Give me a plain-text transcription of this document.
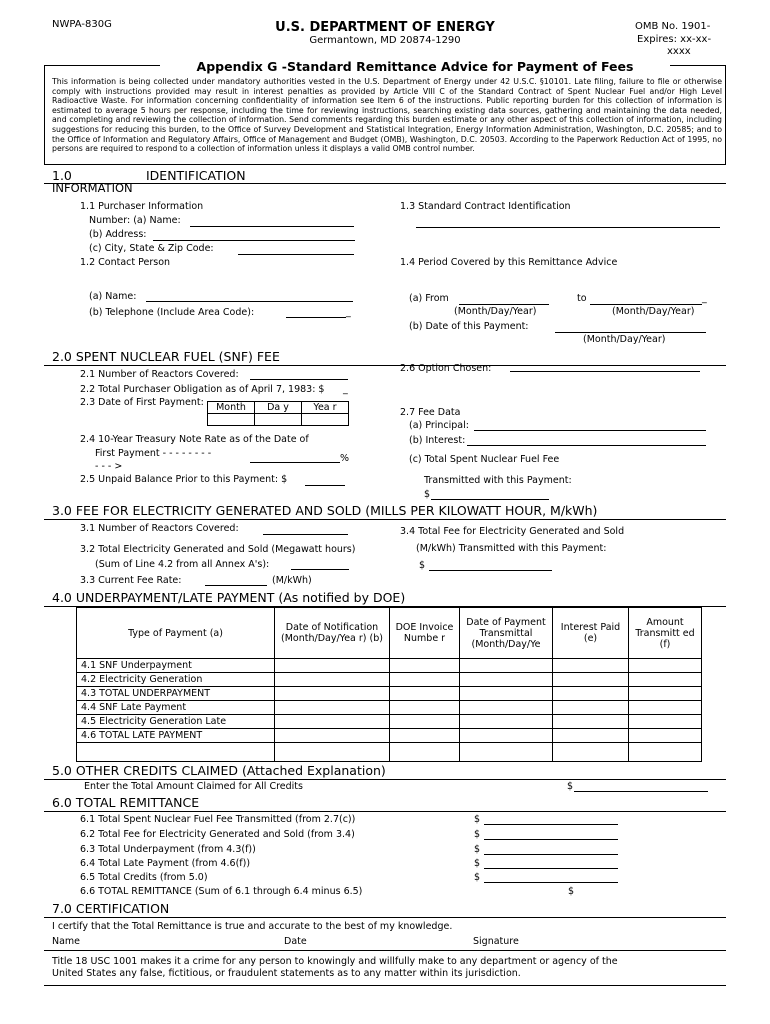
NWPA-830G	U.S. DEPARTMENT OF ENERGY
Germantown, MD 20874-1290
OMB No. 1901-
Expires: xx-xx-
xxxx
Appendix G -Standard Remittance Advice for Payment of Fees
This information is being collected under mandatory authorities vested in the U.S. Department of Energy under 42 U.S.C. §10101. Late filing, failure to file or otherwise comply with instructions provided may result in interest penalties as provided by Article VIII C of the Standard Contract of Spent Nuclear Fuel and/or High Level Radioactive Waste. For information concerning confidentiality of information see Item 6 of the instructions. Public reporting burden for this collection of information is estimated to average 5 hours per response, including the time for reviewing instructions, searching existing data sources, gathering and maintaining the data needed, and completing and reviewing the collection of information. Send comments regarding this burden estimate or any other aspect of this collection of information, including suggestions for reducing this burden, to the Office of Survey Development and Statistical Integration, Energy Information Administration, Washington, D.C. 20585; and to the Office of Information and Regulatory Affairs, Office of Management and Budget (OMB), Washington, D.C. 20503. According to the Paperwork Reduction Act of 1995, no persons are required to respond to a collection of information unless it displays a valid OMB control number.
1.0	IDENTIFICATION
INFORMATION
1.1 Purchaser Information
Number: (a) Name:
(b) Address:
(c) City, State & Zip Code:
1.2 Contact Person
(a) Name:
(b) Telephone (Include Area Code):	_
1.3 Standard Contract Identification
1.4 Period Covered by this Remittance Advice
(a) From	to	_
(Month/Day/Year)	(Month/Day/Year)
(b) Date of this Payment:
(Month/Day/Year)
2.0 SPENT NUCLEAR FUEL (SNF) FEE
2.1 Number of Reactors Covered:
2.2 Total Purchaser Obligation as of April 7, 1983: $ _
2.3 Date of First Payment: Month	Da y	Yea r

2.4 10-Year Treasury Note Rate as of the Date of
First Payment - - - - - - - -	%
- - - >
2.5 Unpaid Balance Prior to this Payment: $
2.6 Option Chosen:
2.7 Fee Data
(a) Principal:
(b) Interest:
(c) Total Spent Nuclear Fuel Fee
Transmitted with this Payment:
$
3.0 FEE FOR ELECTRICITY GENERATED AND SOLD (MILLS PER KILOWATT HOUR, M/kWh)
3.1 Number of Reactors Covered:
3.2 Total Electricity Generated and Sold (Megawatt hours)
(Sum of Line 4.2 from all Annex A's):
3.3 Current Fee Rate:	(M/kWh)
3.4 Total Fee for Electricity Generated and Sold
(M/kWh) Transmitted with this Payment:
$
4.0 UNDERPAYMENT/LATE PAYMENT (As notified by DOE)
Type of Payment (a)	Date of Notification (Month/Day/Yea r) (b)	DOE Invoice Numbe r	Date of Payment Transmittal (Month/Day/Ye	Interest Paid (e)	Amount Transmitt ed (f)
4.1 SNF Underpayment					
4.2 Electricity Generation					
4.3 TOTAL UNDERPAYMENT					
4.4 SNF Late Payment					
4.5 Electricity Generation Late					
4.6 TOTAL LATE PAYMENT					

5.0 OTHER CREDITS CLAIMED (Attached Explanation)
Enter the Total Amount Claimed for All Credits	$
6.0 TOTAL REMITTANCE
6.1 Total Spent Nuclear Fuel Fee Transmitted (from 2.7(c))	$
6.2 Total Fee for Electricity Generated and Sold (from 3.4)	$
6.3 Total Underpayment (from 4.3(f))	$
6.4 Total Late Payment (from 4.6(f))	$
6.5 Total Credits (from 5.0)	$
6.6 TOTAL REMITTANCE (Sum of 6.1 through 6.4 minus 6.5)	$
7.0 CERTIFICATION
I certify that the Total Remittance is true and accurate to the best of my knowledge.
Name	Date	Signature
Title 18 USC 1001 makes it a crime for any person to knowingly and willfully make to any department or agency of the
United States any false, fictitious, or fraudulent statements as to any matter within its jurisdiction.
